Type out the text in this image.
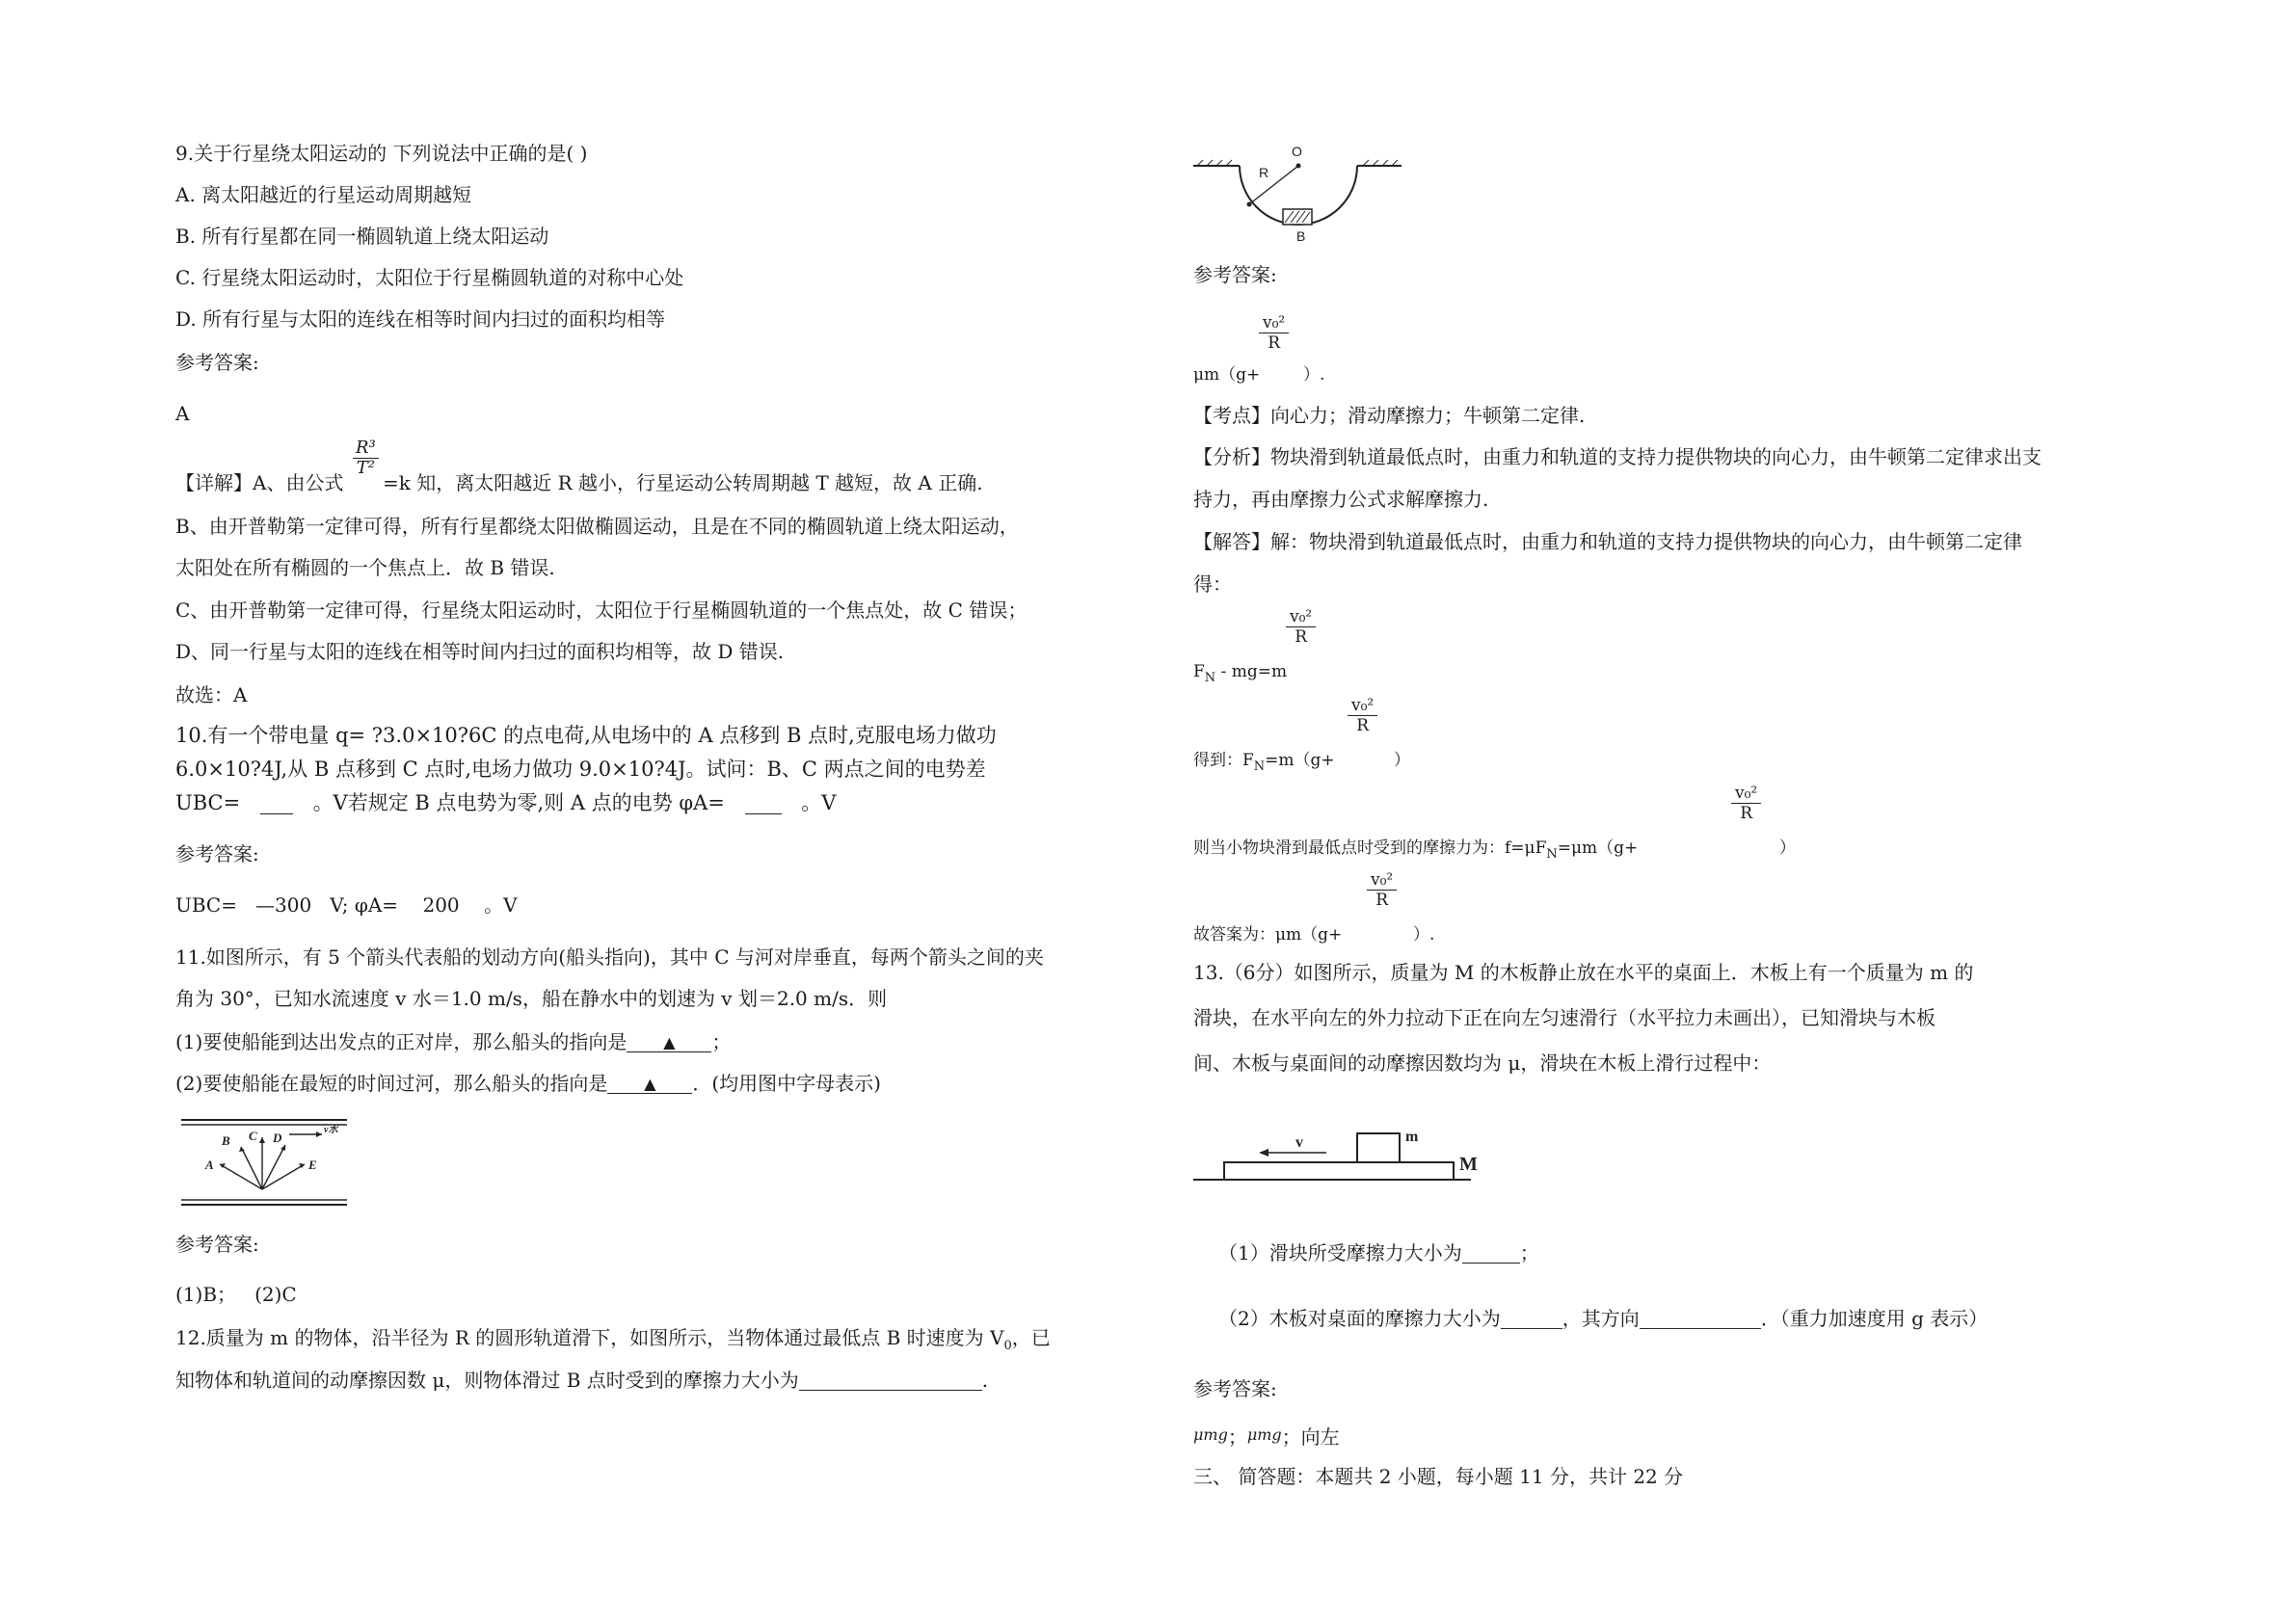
9.关于行星绕太阳运动的 下列说法中正确的是( )
A. 离太阳越近的行星运动周期越短
B. 所有行星都在同一椭圆轨道上绕太阳运动
C. 行星绕太阳运动时，太阳位于行星椭圆轨道的对称中心处
D. 所有行星与太阳的连线在相等时间内扫过的面积均相等
参考答案:
A
【详解】A、由公式
$\frac{\text{R³}}{\text{T²}}$
=k 知，离太阳越近 R 越小，行星运动公转周期越 T 越短，故 A 正确.
B、由开普勒第一定律可得，所有行星都绕太阳做椭圆运动，且是在不同的椭圆轨道上绕太阳运动，
太阳处在所有椭圆的一个焦点上．故 B 错误.
C、由开普勒第一定律可得，行星绕太阳运动时，太阳位于行星椭圆轨道的一个焦点处，故 C 错误；
D、同一行星与太阳的连线在相等时间内扫过的面积均相等，故 D 错误.
故选：A
10.有一个带电量 q= ?3.0×10?6C 的点电荷,从电场中的 A 点移到 B 点时,克服电场力做功
6.0×10?4J,从 B 点移到 C 点时,电场力做功 9.0×10?4J。试问：B、C 两点之间的电势差
UBC=	。V若规定 B 点电势为零,则 A 点的电势 φA=	。V
参考答案:
UBC=   —300   V; φA=    200    。V
11.如图所示，有 5 个箭头代表船的划动方向(船头指向)，其中 C 与河对岸垂直，每两个箭头之间的夹
角为 30°，已知水流速度 v 水＝1.0 m/s，船在静水中的划速为 v 划＝2.0 m/s．则
(1)要使船能到达出发点的正对岸，那么船头的指向是 ▲ ；
(2)要使船能在最短的时间过河，那么船头的指向是 ▲ ．(均用图中字母表示)
A
B C D
E
v水
参考答案:
(1)B；   (2)C
12.质量为 m 的物体，沿半径为 R 的圆形轨道滑下，如图所示，当物体通过最低点 B 时速度为 $V_0$，已
知物体和轨道间的动摩擦因数 μ，则物体滑过 B 点时受到的摩擦力大小为	.
O
R
B
参考答案:
μm（g+
$\frac{\text{v₀²}}{R}$
）.
【考点】向心力；滑动摩擦力；牛顿第二定律.
【分析】物块滑到轨道最低点时，由重力和轨道的支持力提供物块的向心力，由牛顿第二定律求出支
持力，再由摩擦力公式求解摩擦力.
【解答】解：物块滑到轨道最低点时，由重力和轨道的支持力提供物块的向心力，由牛顿第二定律
得：
$F_N - mg=m$
$\frac{\text{v₀²}}{R}$
得到：$F_N=m(g+$
$\frac{\text{v₀²}}{R}$
）
则当小物块滑到最低点时受到的摩擦力为：$f=\mu F_N=\mu m(g+$
$\frac{\text{v₀²}}{R}$
）
故答案为：μm（g+
$\frac{\text{v₀²}}{R}$
）.
13.（6分）如图所示，质量为 M 的木板静止放在水平的桌面上．木板上有一个质量为 m 的
滑块，在水平向左的外力拉动下正在向左匀速滑行（水平拉力未画出），已知滑块与木板
间、木板与桌面间的动摩擦因数均为 μ，滑块在木板上滑行过程中：
v	m
M
（1）滑块所受摩擦力大小为	；
（2）木板对桌面的摩擦力大小为	，其方向	．（重力加速度用 g 表示）
参考答案:
$^{\mu mg}$；$^{\mu mg}$；向左
三、 简答题：本题共 2 小题，每小题 11 分，共计 22 分
